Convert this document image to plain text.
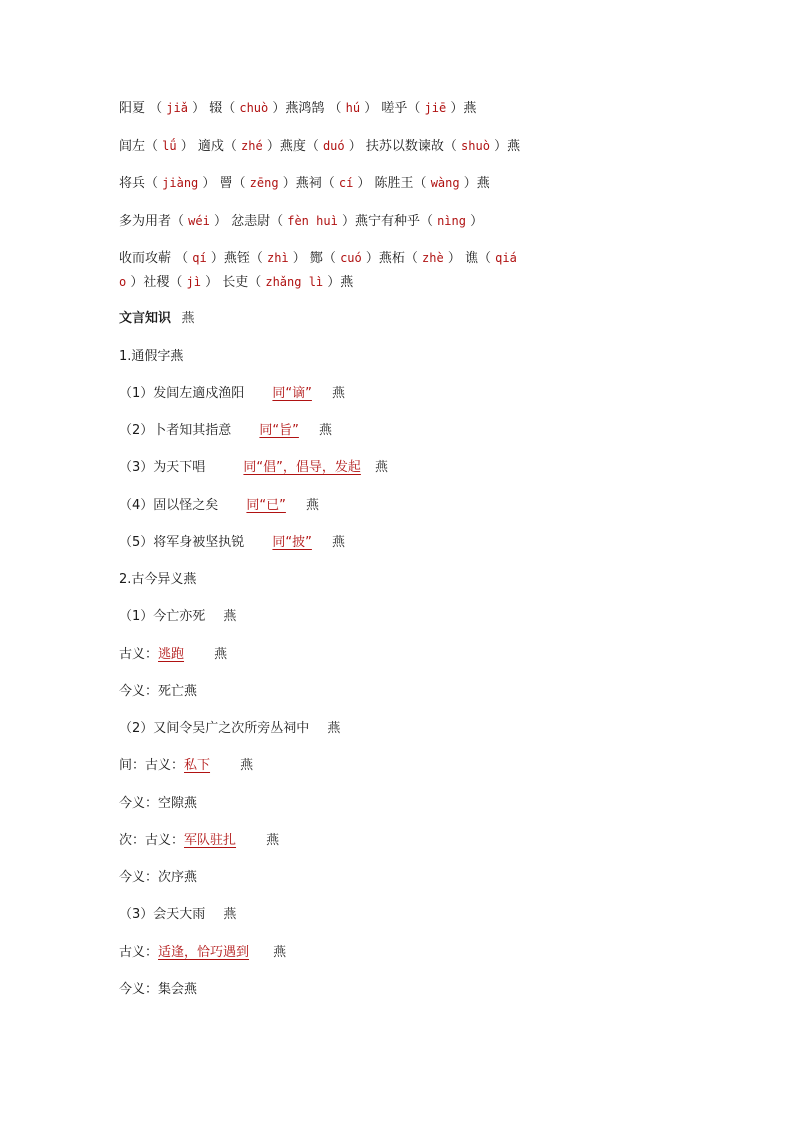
阳夏 （ jiǎ ） 辍（ chuò ）燕鸿鹄 （ hú ） 嗟乎（ jiē ）燕
闾左（ lǘ ） 適戍（ zhé ）燕度（ duó ） 扶苏以数谏故（ shuò ）燕
将兵（ jiàng ） 罾（ zēng ）燕祠（ cí ） 陈胜王（ wàng ）燕
多为用者（ wéi ） 忿恚尉（ fèn huì ）燕宁有种乎（ nìng ）
收而攻蕲 （ qí ）燕铚（ zhì ） 酂（ cuó ）燕柘（ zhè ） 谯（ qiá
o ）社稷（ jì ） 长吏（ zhǎng lì ）燕
文言知识 燕
1.通假字燕
（1）发闾左適戍渔阳 同“谪” 燕
（2）卜者知其指意 同“旨” 燕
（3）为天下唱	同“倡”，倡导，发起 燕
（4）固以怪之矣 同“已” 燕
（5）将军身被坚执锐 同“披” 燕
2.古今异义燕
（1）今亡亦死 燕
古义：逃跑 燕
今义：死亡燕
（2）又间令吴广之次所旁丛祠中 燕
间：古义：私下 燕
今义：空隙燕
次：古义：军队驻扎 燕
今义：次序燕
（3）会天大雨 燕
古义：适逢，恰巧遇到 燕
今义：集会燕
